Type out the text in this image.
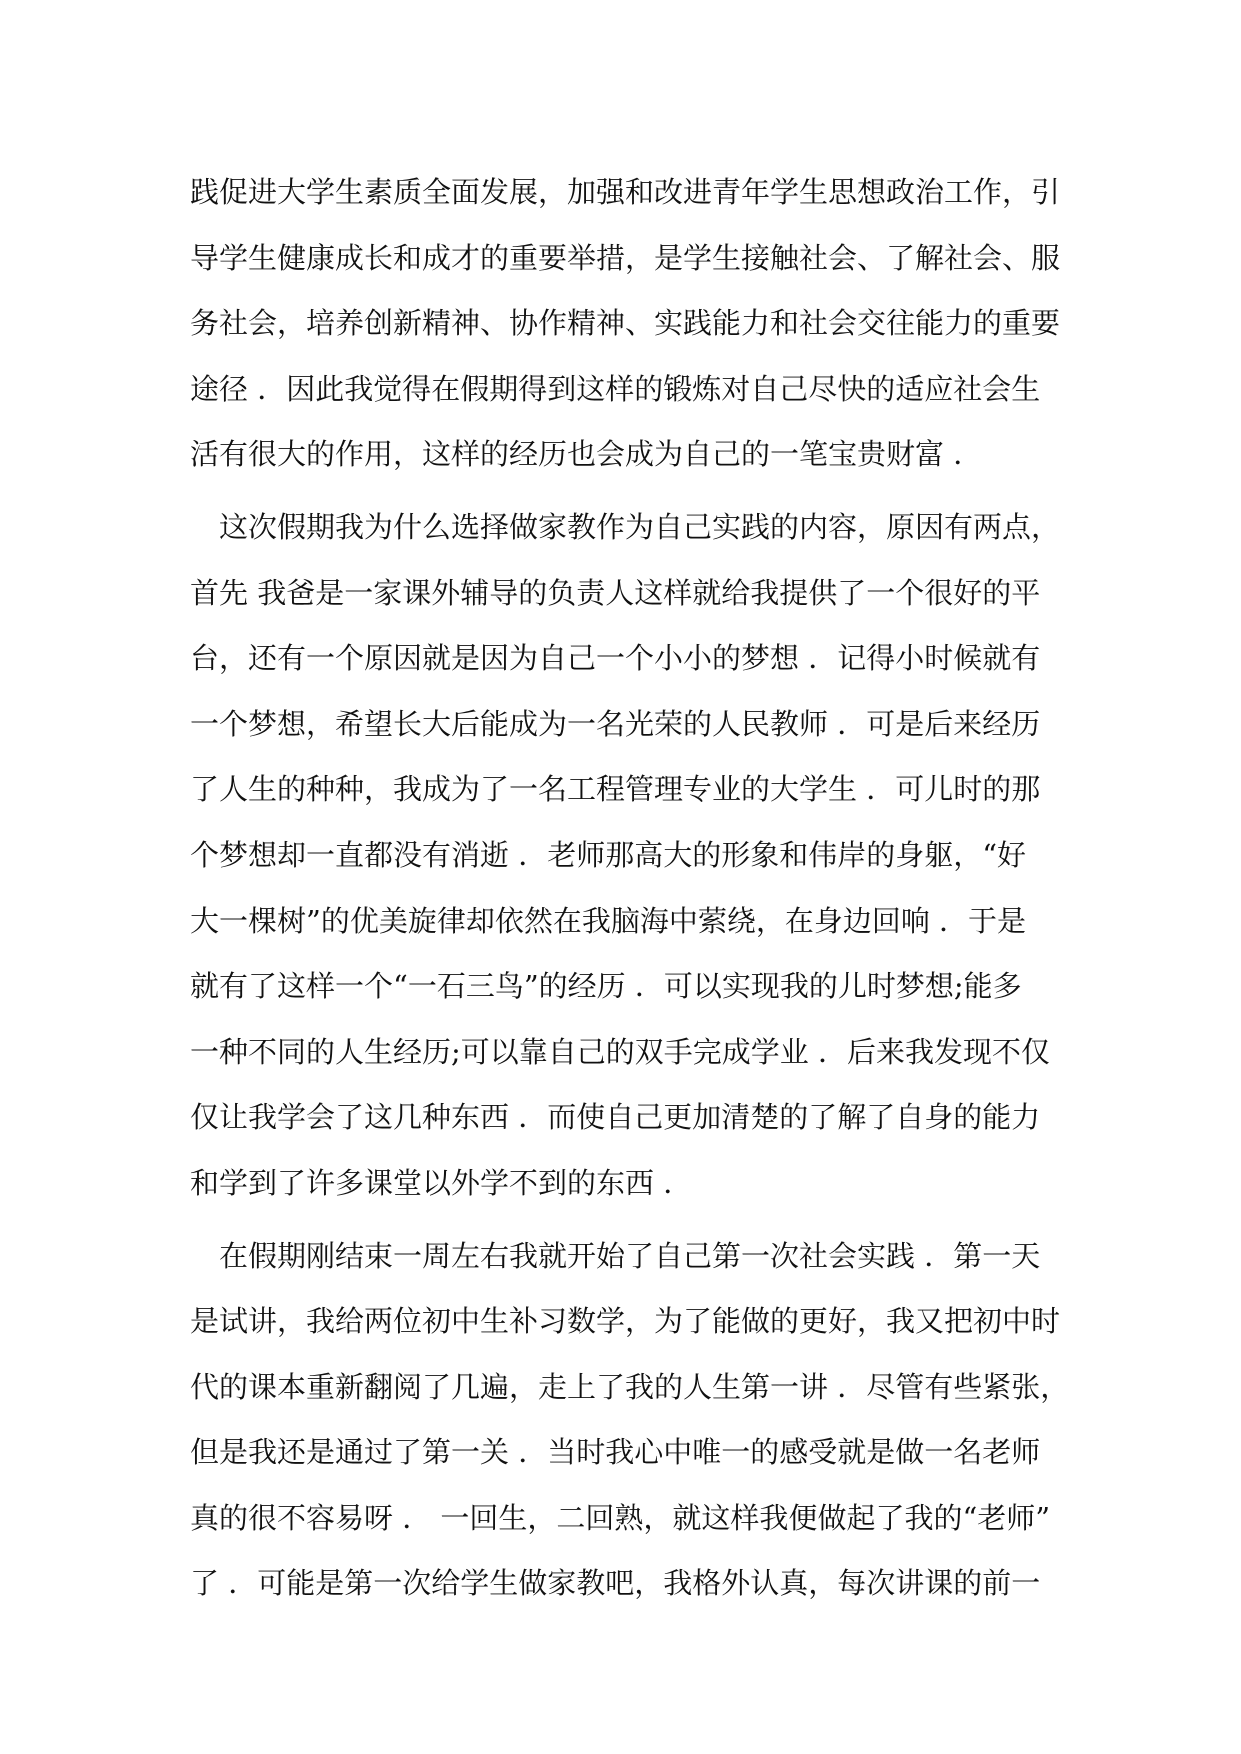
践促进大学生素质全面发展，加强和改进青年学生思想政治工作，引
导学生健康成长和成才的重要举措，是学生接触社会、了解社会、服
务社会，培养创新精神、协作精神、实践能力和社会交往能力的重要
途径 ．因此我觉得在假期得到这样的锻炼对自己尽快的适应社会生
活有很大的作用，这样的经历也会成为自己的一笔宝贵财富 ．
　这次假期我为什么选择做家教作为自己实践的内容，原因有两点，
首先 我爸是一家课外辅导的负责人这样就给我提供了一个很好的平
台，还有一个原因就是因为自己一个小小的梦想 ．记得小时候就有
一个梦想，希望长大后能成为一名光荣的人民教师 ．可是后来经历
了人生的种种，我成为了一名工程管理专业的大学生 ．可儿时的那
个梦想却一直都没有消逝 ．老师那高大的形象和伟岸的身躯，“好
大一棵树”的优美旋律却依然在我脑海中萦绕，在身边回响 ．于是
就有了这样一个“一石三鸟”的经历 ．可以实现我的儿时梦想;能多
一种不同的人生经历;可以靠自己的双手完成学业 ．后来我发现不仅
仅让我学会了这几种东西 ．而使自己更加清楚的了解了自身的能力
和学到了许多课堂以外学不到的东西 ．
　在假期刚结束一周左右我就开始了自己第一次社会实践 ．第一天
是试讲，我给两位初中生补习数学，为了能做的更好，我又把初中时
代的课本重新翻阅了几遍，走上了我的人生第一讲 ．尽管有些紧张，
但是我还是通过了第一关 ．当时我心中唯一的感受就是做一名老师
真的很不容易呀 ． 一回生，二回熟，就这样我便做起了我的“老师”
了 ．可能是第一次给学生做家教吧，我格外认真，每次讲课的前一
